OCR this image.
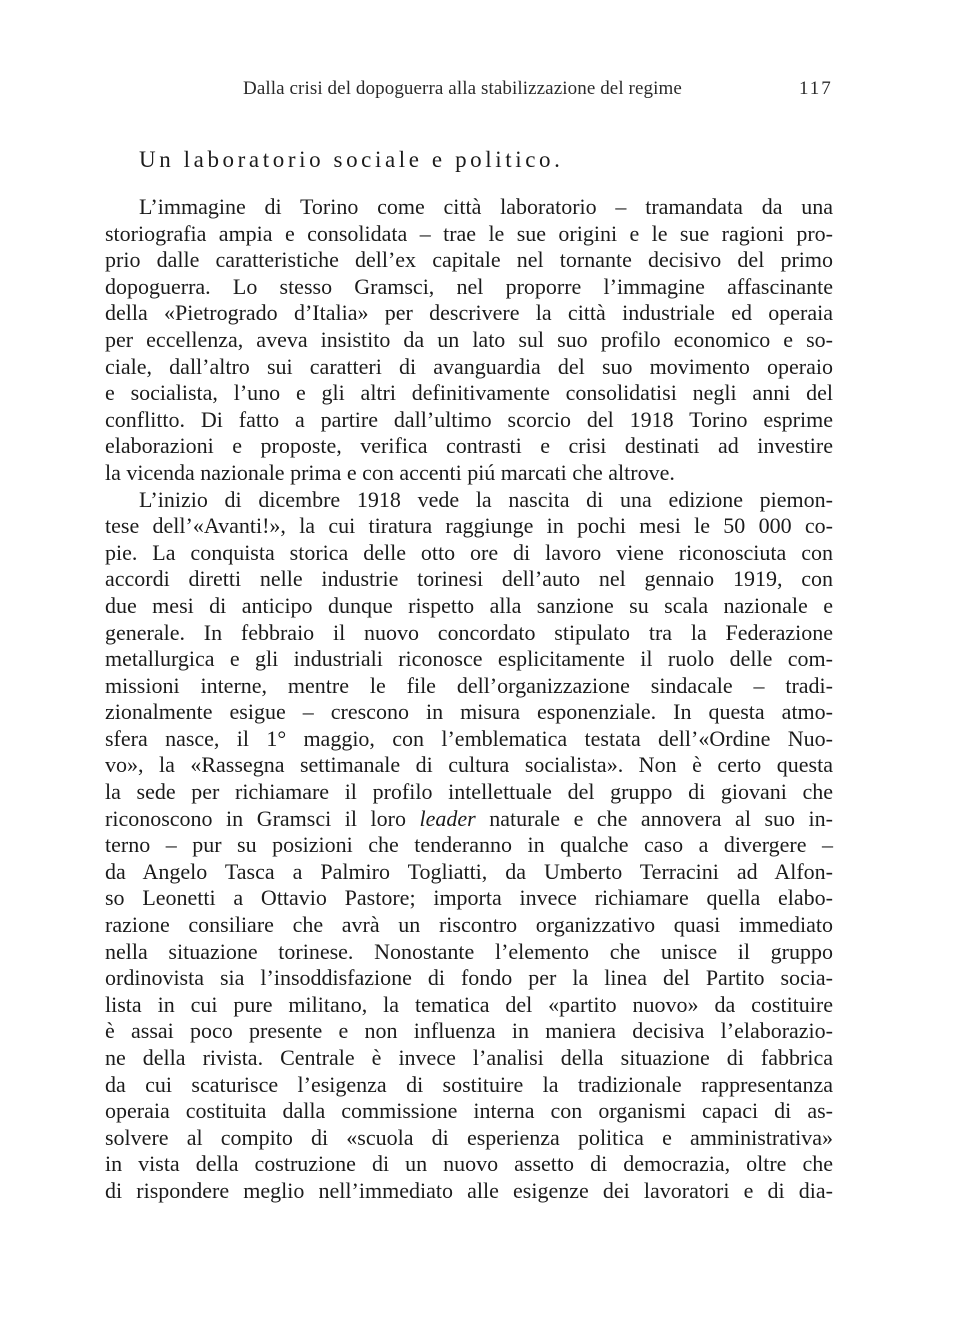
Dalla crisi del dopoguerra alla stabilizzazione del regime	117
Un laboratorio sociale e politico.
L’immagine di Torino come città laboratorio – tramandata da una
storiografia ampia e consolidata – trae le sue origini e le sue ragioni pro-
prio dalle caratteristiche dell’ex capitale nel tornante decisivo del primo
dopoguerra. Lo stesso Gramsci, nel proporre l’immagine affascinante
della «Pietrogrado d’Italia» per descrivere la città industriale ed operaia
per eccellenza, aveva insistito da un lato sul suo profilo economico e so-
ciale, dall’altro sui caratteri di avanguardia del suo movimento operaio
e socialista, l’uno e gli altri definitivamente consolidatisi negli anni del
conflitto. Di fatto a partire dall’ultimo scorcio del 1918 Torino esprime
elaborazioni e proposte, verifica contrasti e crisi destinati ad investire
la vicenda nazionale prima e con accenti piú marcati che altrove.
L’inizio di dicembre 1918 vede la nascita di una edizione piemon-
tese dell’«Avanti!», la cui tiratura raggiunge in pochi mesi le 50 000 co-
pie. La conquista storica delle otto ore di lavoro viene riconosciuta con
accordi diretti nelle industrie torinesi dell’auto nel gennaio 1919, con
due mesi di anticipo dunque rispetto alla sanzione su scala nazionale e
generale. In febbraio il nuovo concordato stipulato tra la Federazione
metallurgica e gli industriali riconosce esplicitamente il ruolo delle com-
missioni interne, mentre le file dell’organizzazione sindacale – tradi-
zionalmente esigue – crescono in misura esponenziale. In questa atmo-
sfera nasce, il 1° maggio, con l’emblematica testata dell’«Ordine Nuo-
vo», la «Rassegna settimanale di cultura socialista». Non è certo questa
la sede per richiamare il profilo intellettuale del gruppo di giovani che
riconoscono in Gramsci il loro leader naturale e che annovera al suo in-
terno – pur su posizioni che tenderanno in qualche caso a divergere –
da Angelo Tasca a Palmiro Togliatti, da Umberto Terracini ad Alfon-
so Leonetti a Ottavio Pastore; importa invece richiamare quella elabo-
razione consiliare che avrà un riscontro organizzativo quasi immediato
nella situazione torinese. Nonostante l’elemento che unisce il gruppo
ordinovista sia l’insoddisfazione di fondo per la linea del Partito socia-
lista in cui pure militano, la tematica del «partito nuovo» da costituire
è assai poco presente e non influenza in maniera decisiva l’elaborazio-
ne della rivista. Centrale è invece l’analisi della situazione di fabbrica
da cui scaturisce l’esigenza di sostituire la tradizionale rappresentanza
operaia costituita dalla commissione interna con organismi capaci di as-
solvere al compito di «scuola di esperienza politica e amministrativa»
in vista della costruzione di un nuovo assetto di democrazia, oltre che
di rispondere meglio nell’immediato alle esigenze dei lavoratori e di dia-
